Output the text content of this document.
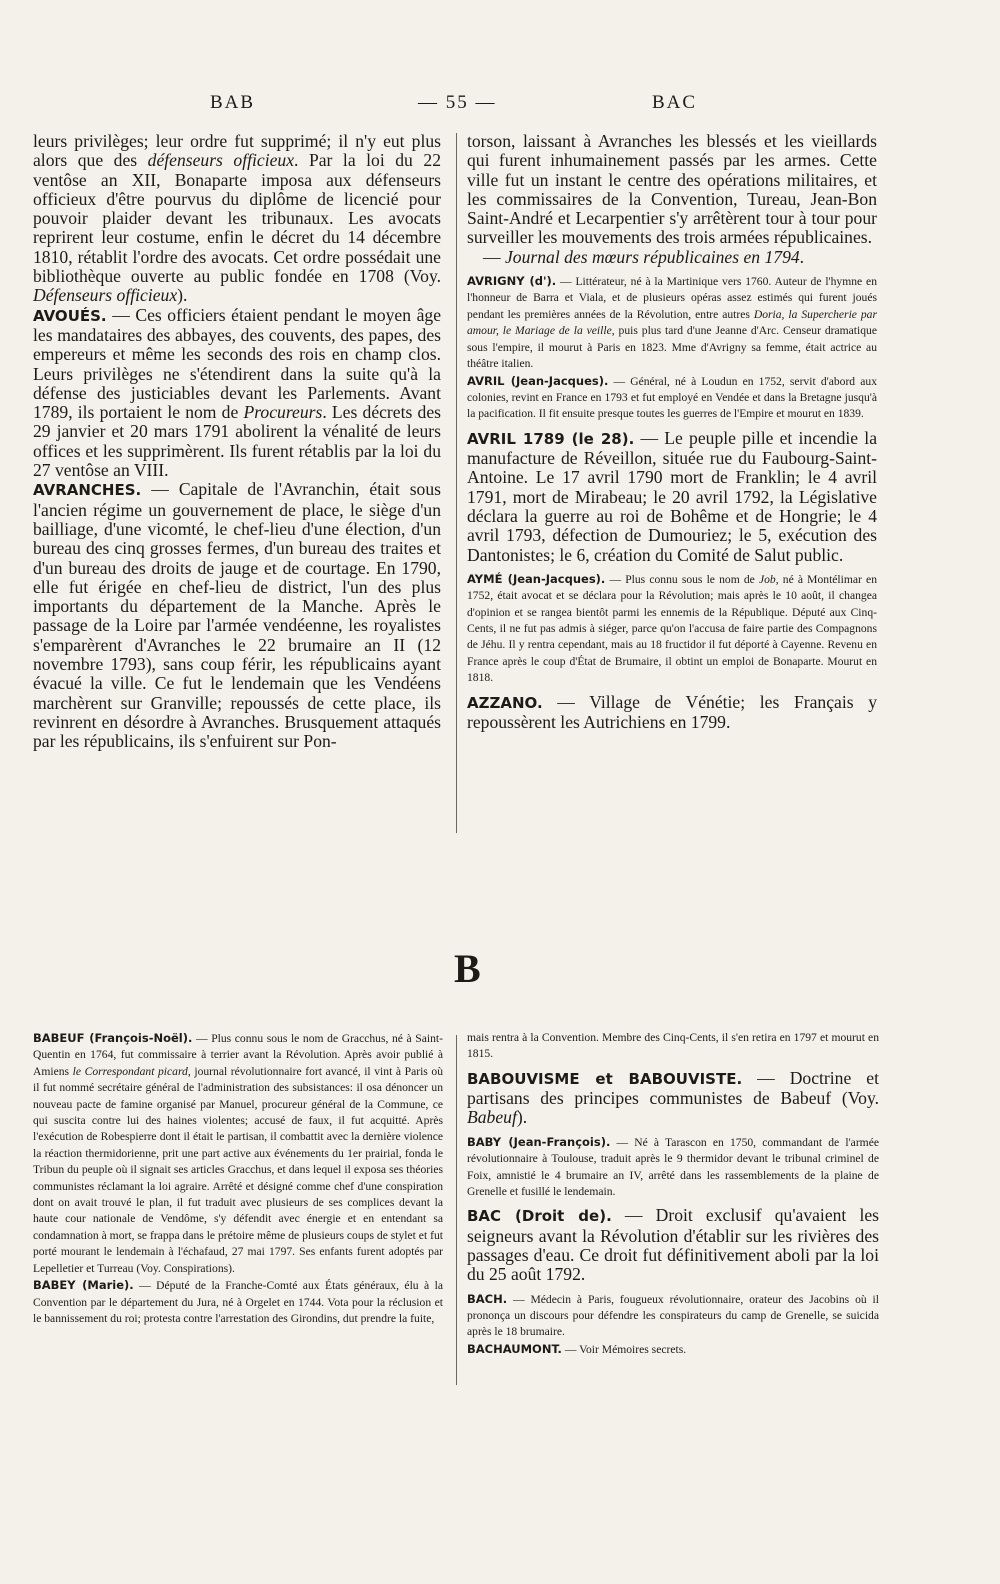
BAB	— 55 —	BAC

leurs privilèges; leur ordre fut supprimé; il n'y eut plus alors que des défenseurs officieux. Par la loi du 22 ventôse an XII, Bonaparte imposa aux défenseurs officieux d'être pourvus du diplôme de licencié pour pouvoir plaider devant les tribunaux. Les avocats reprirent leur costume, enfin le décret du 14 décembre 1810, rétablit l'ordre des avocats. Cet ordre possédait une bibliothèque ouverte au public fondée en 1708 (Voy. Défenseurs officieux).

AVOUÉS. — Ces officiers étaient pendant le moyen âge les mandataires des abbayes, des couvents, des papes, des empereurs et même les seconds des rois en champ clos. Leurs privilèges ne s'étendirent dans la suite qu'à la défense des justiciables devant les Parlements. Avant 1789, ils portaient le nom de Procureurs. Les décrets des 29 janvier et 20 mars 1791 abolirent la vénalité de leurs offices et les supprimèrent. Ils furent rétablis par la loi du 27 ventôse an VIII.

AVRANCHES. — Capitale de l'Avranchin, était sous l'ancien régime un gouvernement de place, le siège d'un bailliage, d'une vicomté, le chef-lieu d'une élection, d'un bureau des cinq grosses fermes, d'un bureau des traites et d'un bureau des droits de jauge et de courtage. En 1790, elle fut érigée en chef-lieu de district, l'un des plus importants du département de la Manche. Après le passage de la Loire par l'armée vendéenne, les royalistes s'emparèrent d'Avranches le 22 brumaire an II (12 novembre 1793), sans coup férir, les républicains ayant évacué la ville. Ce fut le lendemain que les Vendéens marchèrent sur Granville; repoussés de cette place, ils revinrent en désordre à Avranches. Brusquement attaqués par les républicains, ils s'enfuirent sur Pon-

torson, laissant à Avranches les blessés et les vieillards qui furent inhumainement passés par les armes. Cette ville fut un instant le centre des opérations militaires, et les commissaires de la Convention, Tureau, Jean-Bon Saint-André et Lecarpentier s'y arrêtèrent tour à tour pour surveiller les mouvements des trois armées républicaines.

— Journal des mœurs républicaines en 1794.

AVRIGNY (d'). — Littérateur, né à la Martinique vers 1760. Auteur de l'hymne en l'honneur de Barra et Viala, et de plusieurs opéras assez estimés qui furent joués pendant les premières années de la Révolution, entre autres Doria, la Supercherie par amour, le Mariage de la veille, puis plus tard d'une Jeanne d'Arc. Censeur dramatique sous l'empire, il mourut à Paris en 1823. Mme d'Avrigny sa femme, était actrice au théâtre italien.

AVRIL (Jean-Jacques). — Général, né à Loudun en 1752, servit d'abord aux colonies, revint en France en 1793 et fut employé en Vendée et dans la Bretagne jusqu'à la pacification. Il fit ensuite presque toutes les guerres de l'Empire et mourut en 1839.

AVRIL 1789 (le 28). — Le peuple pille et incendie la manufacture de Réveillon, située rue du Faubourg-Saint-Antoine. Le 17 avril 1790 mort de Franklin; le 4 avril 1791, mort de Mirabeau; le 20 avril 1792, la Législative déclara la guerre au roi de Bohême et de Hongrie; le 4 avril 1793, défection de Dumouriez; le 5, exécution des Dantonistes; le 6, création du Comité de Salut public.

AYMÉ (Jean-Jacques). — Plus connu sous le nom de Job, né à Montélimar en 1752, était avocat et se déclara pour la Révolution; mais après le 10 août, il changea d'opinion et se rangea bientôt parmi les ennemis de la République. Député aux Cinq-Cents, il ne fut pas admis à siéger, parce qu'on l'accusa de faire partie des Compagnons de Jéhu. Il y rentra cependant, mais au 18 fructidor il fut déporté à Cayenne. Revenu en France après le coup d'État de Brumaire, il obtint un emploi de Bonaparte. Mourut en 1818.

AZZANO. — Village de Vénétie; les Français y repoussèrent les Autrichiens en 1799.

B

BABEUF (François-Noël). — Plus connu sous le nom de Gracchus, né à Saint-Quentin en 1764, fut commissaire à terrier avant la Révolution. Après avoir publié à Amiens le Correspondant picard, journal révolutionnaire fort avancé, il vint à Paris où il fut nommé secrétaire général de l'administration des subsistances: il osa dénoncer un nouveau pacte de famine organisé par Manuel, procureur général de la Commune, ce qui suscita contre lui des haines violentes; accusé de faux, il fut acquitté. Après l'exécution de Robespierre dont il était le partisan, il combattit avec la dernière violence la réaction thermidorienne, prit une part active aux événements du 1er prairial, fonda le Tribun du peuple où il signait ses articles Gracchus, et dans lequel il exposa ses théories communistes réclamant la loi agraire. Arrêté et désigné comme chef d'une conspiration dont on avait trouvé le plan, il fut traduit avec plusieurs de ses complices devant la haute cour nationale de Vendôme, s'y défendit avec énergie et en entendant sa condamnation à mort, se frappa dans le prétoire même de plusieurs coups de stylet et fut porté mourant le lendemain à l'échafaud, 27 mai 1797. Ses enfants furent adoptés par Lepelletier et Turreau (Voy. Conspirations).

BABEY (Marie). — Député de la Franche-Comté aux États généraux, élu à la Convention par le département du Jura, né à Orgelet en 1744. Vota pour la réclusion et le bannissement du roi; protesta contre l'arrestation des Girondins, dut prendre la fuite,

mais rentra à la Convention. Membre des Cinq-Cents, il s'en retira en 1797 et mourut en 1815.

BABOUVISME et BABOUVISTE. — Doctrine et partisans des principes communistes de Babeuf (Voy. Babeuf).

BABY (Jean-François). — Né à Tarascon en 1750, commandant de l'armée révolutionnaire à Toulouse, traduit après le 9 thermidor devant le tribunal criminel de Foix, amnistié le 4 brumaire an IV, arrêté dans les rassemblements de la plaine de Grenelle et fusillé le lendemain.

BAC (Droit de). — Droit exclusif qu'avaient les seigneurs avant la Révolution d'établir sur les rivières des passages d'eau. Ce droit fut définitivement aboli par la loi du 25 août 1792.

BACH. — Médecin à Paris, fougueux révolutionnaire, orateur des Jacobins où il prononça un discours pour défendre les conspirateurs du camp de Grenelle, se suicida après le 18 brumaire.

BACHAUMONT. — Voir Mémoires secrets.
